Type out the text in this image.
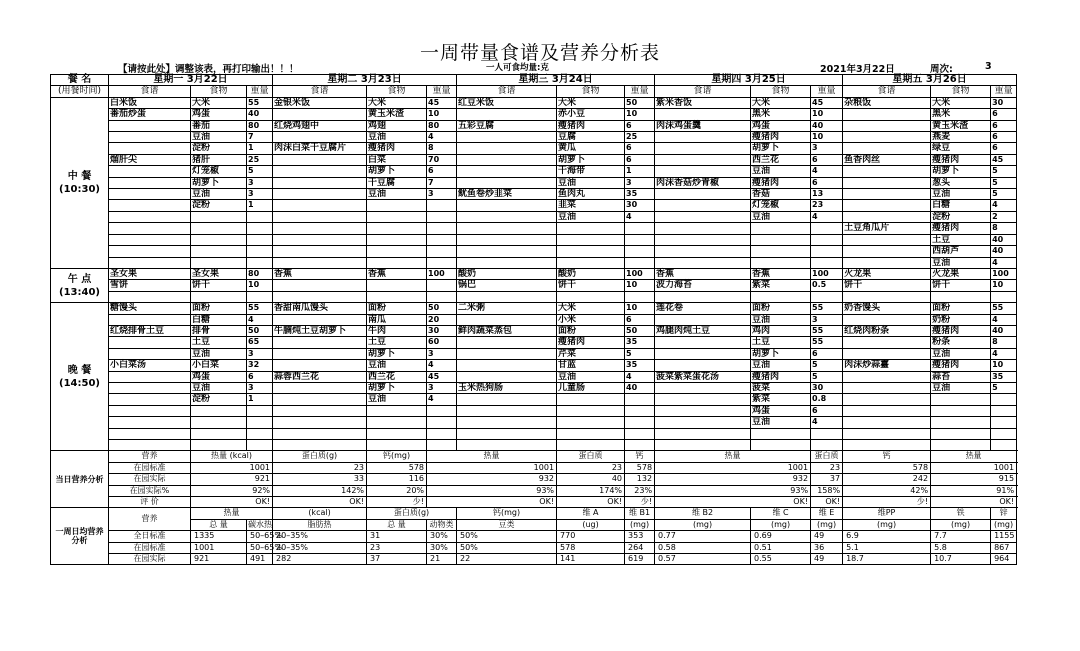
一周带量食谱及营养分析表
【请按此处】调整该表，再打印输出！！！	一人可食均量:克	2021年3月22日	周次:	3
餐 名	星期一 3月22日			星期二 3月23日			星期三 3月24日			星期四 3月25日			星期五 3月26日			
(用餐时间)	食谱	食物	重量	食谱	食物	重量	食谱	食物	重量	食谱	食物	重量	食谱	食物	重量	

中 餐
(10:30)	白米饭	大米	55	金银米饭	大米	45	红豆米饭	大米	50	紫米香饭	大米	45	杂粮饭	大米	30	
	番茄炒蛋	鸡蛋	40		黄玉米渣	10		赤小豆	10		黑米	10		黑米	6	
		番茄	80	红烧鸡翅中	鸡翅	80	五彩豆腐	瘦猪肉	6	肉沫鸡蛋羹	鸡蛋	40		黄玉米渣	6	
		豆油	7		豆油	4		豆腐	25		瘦猪肉	10		燕麦	6	
		淀粉	1	肉沫白菜干豆腐片	瘦猪肉	8		黄瓜	6		胡萝卜	3		绿豆	6	
	熘肝尖	猪肝	25		白菜	70		胡萝卜	6		西兰花	6	鱼香肉丝	瘦猪肉	45	
		灯笼椒	5		胡萝卜	6		干海带	1		豆油	4		胡萝卜	5	
		胡萝卜	3		干豆腐	7		豆油	3	肉沫香菇炒青椒	瘦猪肉	6		葱头	5	
		豆油	3		豆油	3	鱿鱼卷炒韭菜	鱼肉丸	35		香菇	13		豆油	5	
		淀粉	1					韭菜	30		灯笼椒	23		白糖	4	
								豆油	4		豆油	4		淀粉	2	
													土豆角瓜片	瘦猪肉	8	
														土豆	40	
														西葫芦	40	
														豆油	4	

午 点
(13:40)	圣女果	圣女果	80	香蕉	香蕉	100	酸奶	酸奶	100	香蕉	香蕉	100	火龙果	火龙果	100	
	雪饼	饼干	10				锅巴	饼干	10	波力海苔	紫菜	0.5	饼干	饼干	10	

晚 餐
(14:50)	糖馒头	面粉	55	香甜南瓜馒头	面粉	50	二米粥	大米	10	莲花卷	面粉	55	奶香馒头	面粉	55	
		白糖	4		南瓜	20		小米	6		豆油	3		奶粉	4	
	红烧排骨土豆	排骨	50	牛腩炖土豆胡萝卜	牛肉	30	鲜肉蔬菜蒸包	面粉	50	鸡腿肉炖土豆	鸡肉	55	红烧肉粉条	瘦猪肉	40	
		土豆	65		土豆	60		瘦猪肉	35		土豆	55		粉条	8	
		豆油	3		胡萝卜	3		芹菜	5		胡萝卜	6		豆油	4	
	小白菜汤	小白菜	32		豆油	4		甘蓝	35		豆油	5	肉沫炒蒜薹	瘦猪肉	10	
		鸡蛋	6	蒜蓉西兰花	西兰花	45		豆油	4	菠菜紫菜蛋花汤	瘦猪肉	5		蒜苔	35	
		豆油	3		胡萝卜	3	玉米热狗肠	儿童肠	40		菠菜	30		豆油	5	
		淀粉	1		豆油	4					紫菜	0.8				
											鸡蛋	6				
											豆油	4				

当日营养分析	营养	热量 (kcal)		蛋白质(g)	钙(mg)	热量		蛋白质	钙	热量		蛋白质	钙	热量					
	在园标准	1001		23	578	1001		23	578	1001		23	578	1001					
	在园实际	921		33	116	932		40	132	932		37	242	915					
	在园实际%	92%		142%	20%	93%		174%	23%	93%		158%	42%	91%					
	评 价	OK!		OK!	少!	OK!		OK!	少!	OK!		OK!	少!	OK!					
一周日均营养分析	营养	热量		(kcal)	蛋白质(g)		钙(mg)	维 A	维 B1	维 B2	维 C	维 E	维PP	铁	锌	
		总 量	碳水热	脂肪热	总 量	动物类	豆类	(ug)	(mg)	(mg)	(mg)	(mg)	(mg)	(mg)	(mg)	
	全日标准	1335	50–65%	20–35%	31	30%	50%	770	353	0.77	0.69	49	6.9	7.7	1155	
	在园标准	1001	50–65%	20–35%	23	30%	50%	578	264	0.58	0.51	36	5.1	5.8	867	
	在园实际	921	491	282	37	21	22	141	619	0.57	0.55	49	18.7	10.7	964	
